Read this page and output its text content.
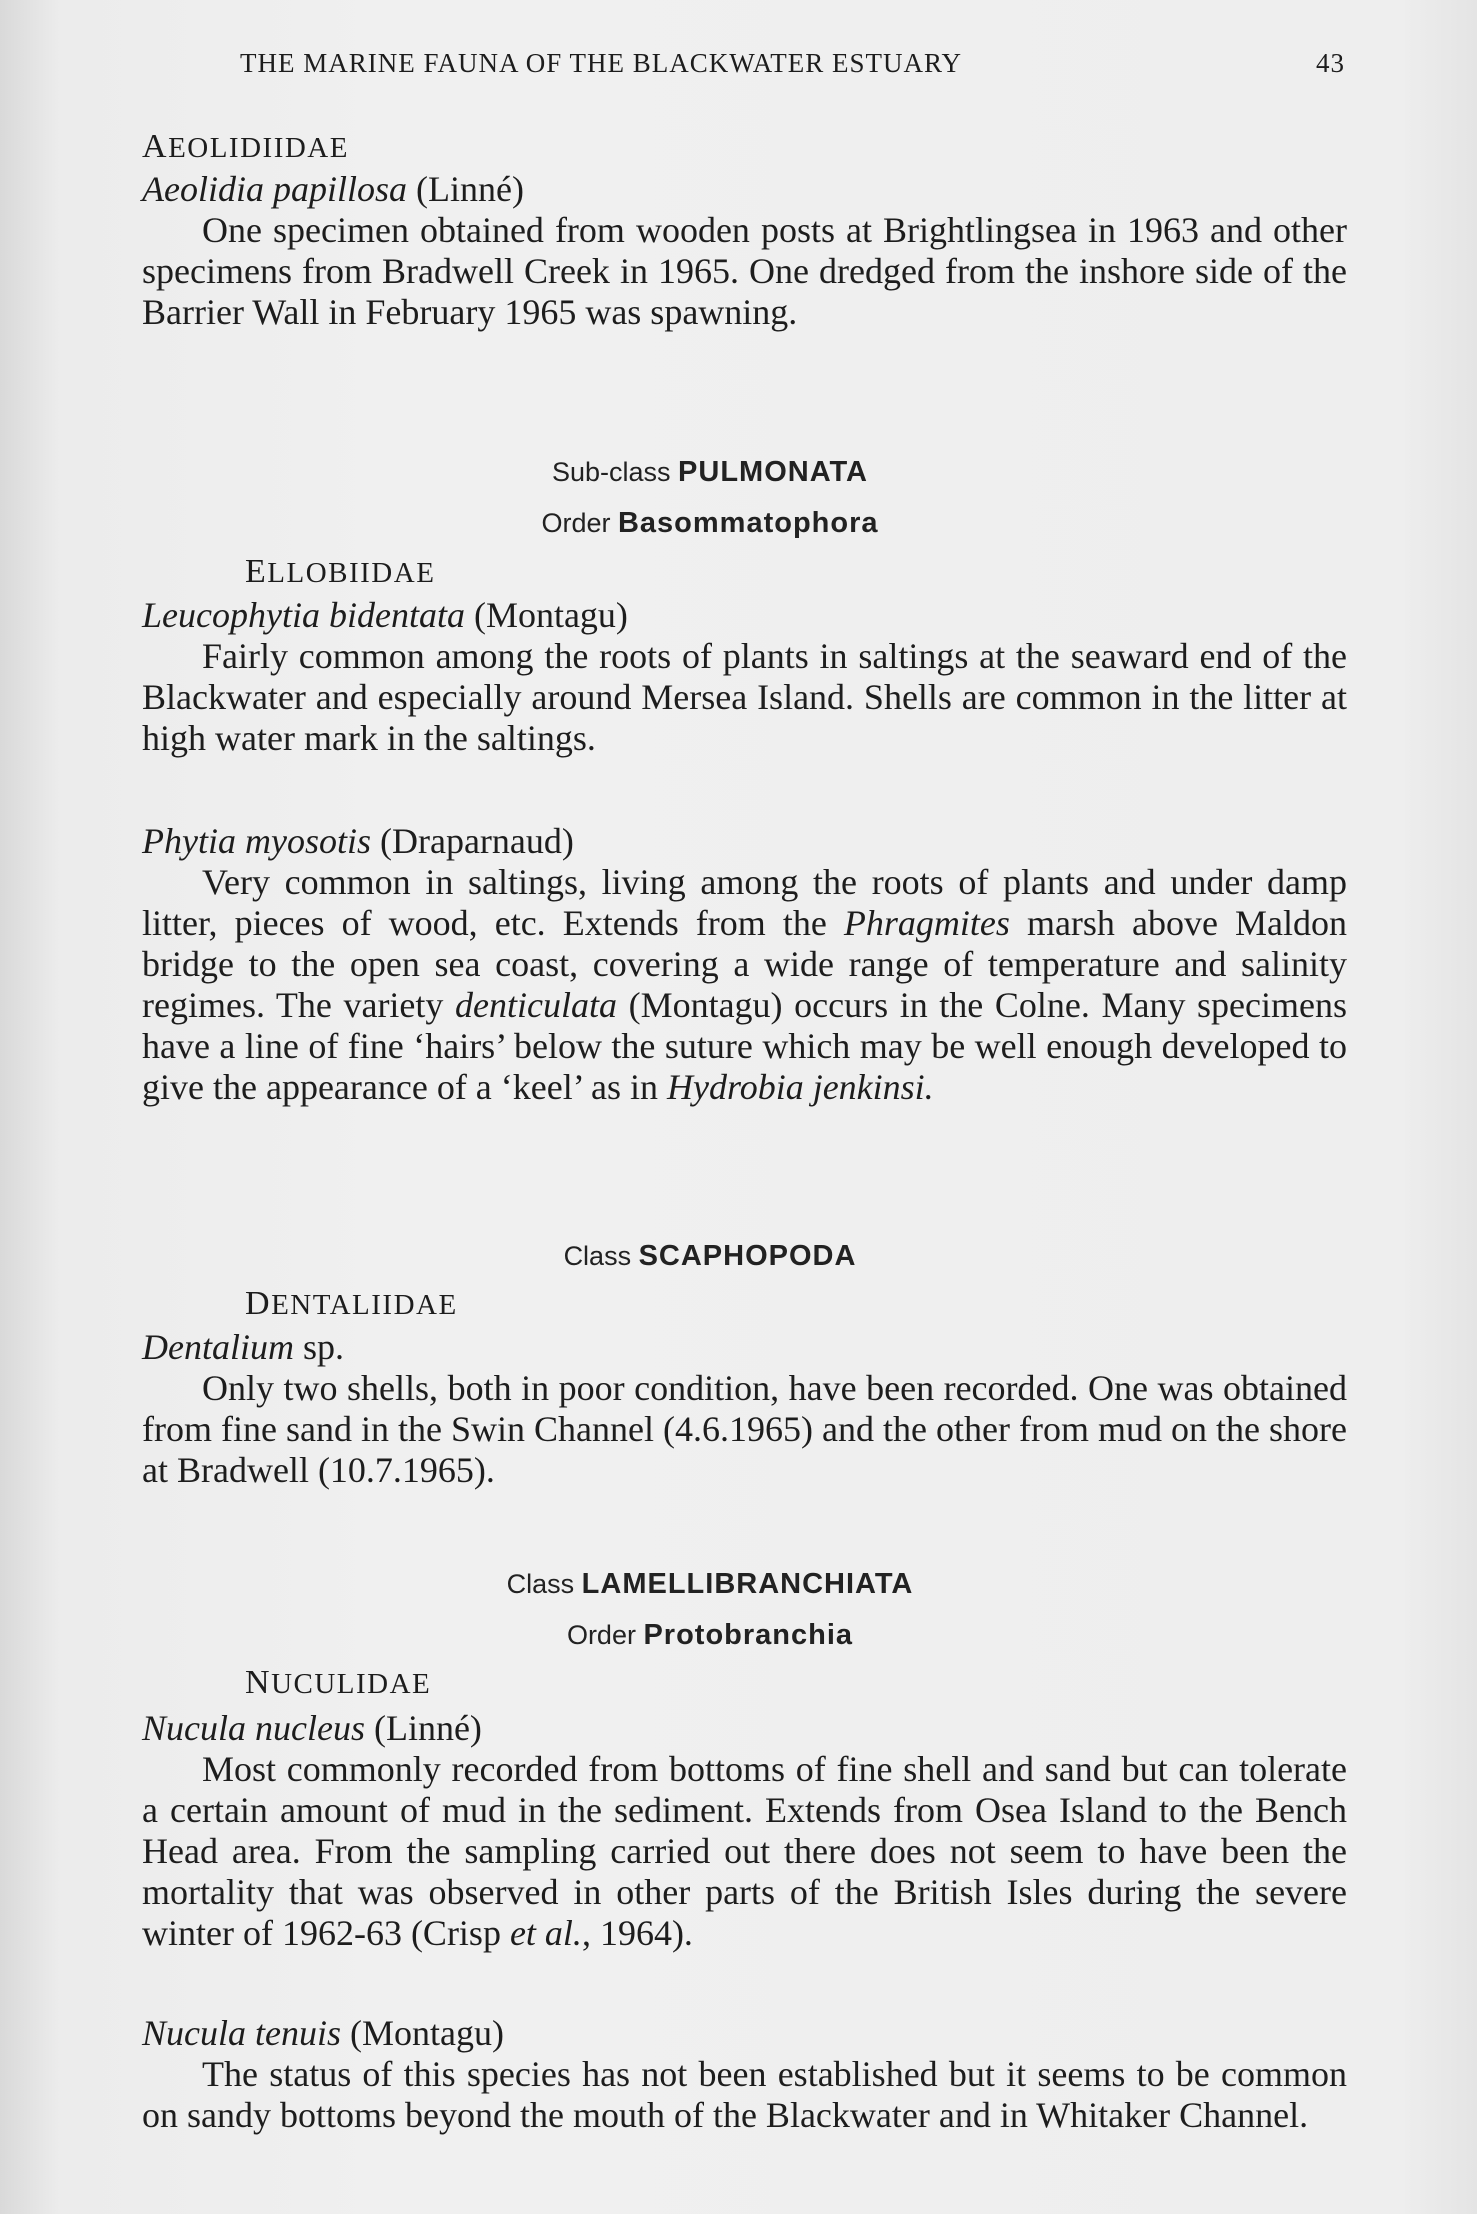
THE MARINE FAUNA OF THE BLACKWATER ESTUARY	43
AEOLIDIIDAE
Aeolidia papillosa (Linné)
One specimen obtained from wooden posts at Brightlingsea in 1963 and other specimens from Bradwell Creek in 1965. One dredged from the inshore side of the Barrier Wall in February 1965 was spawning.
Sub-class PULMONATA
Order Basommatophora
ELLOBIIDAE
Leucophytia bidentata (Montagu)
Fairly common among the roots of plants in saltings at the seaward end of the Blackwater and especially around Mersea Island. Shells are common in the litter at high water mark in the saltings.
Phytia myosotis (Draparnaud)
Very common in saltings, living among the roots of plants and under damp litter, pieces of wood, etc. Extends from the Phragmites marsh above Maldon bridge to the open sea coast, covering a wide range of temperature and salinity regimes. The variety denticulata (Montagu) occurs in the Colne. Many specimens have a line of fine ‘hairs’ below the suture which may be well enough developed to give the appearance of a ‘keel’ as in Hydrobia jenkinsi.
Class SCAPHOPODA
DENTALIIDAE
Dentalium sp.
Only two shells, both in poor condition, have been recorded. One was obtained from fine sand in the Swin Channel (4.6.1965) and the other from mud on the shore at Bradwell (10.7.1965).
Class LAMELLIBRANCHIATA
Order Protobranchia
NUCULIDAE
Nucula nucleus (Linné)
Most commonly recorded from bottoms of fine shell and sand but can tolerate a certain amount of mud in the sediment. Extends from Osea Island to the Bench Head area. From the sampling carried out there does not seem to have been the mortality that was observed in other parts of the British Isles during the severe winter of 1962-63 (Crisp et al., 1964).
Nucula tenuis (Montagu)
The status of this species has not been established but it seems to be common on sandy bottoms beyond the mouth of the Blackwater and in Whitaker Channel.
